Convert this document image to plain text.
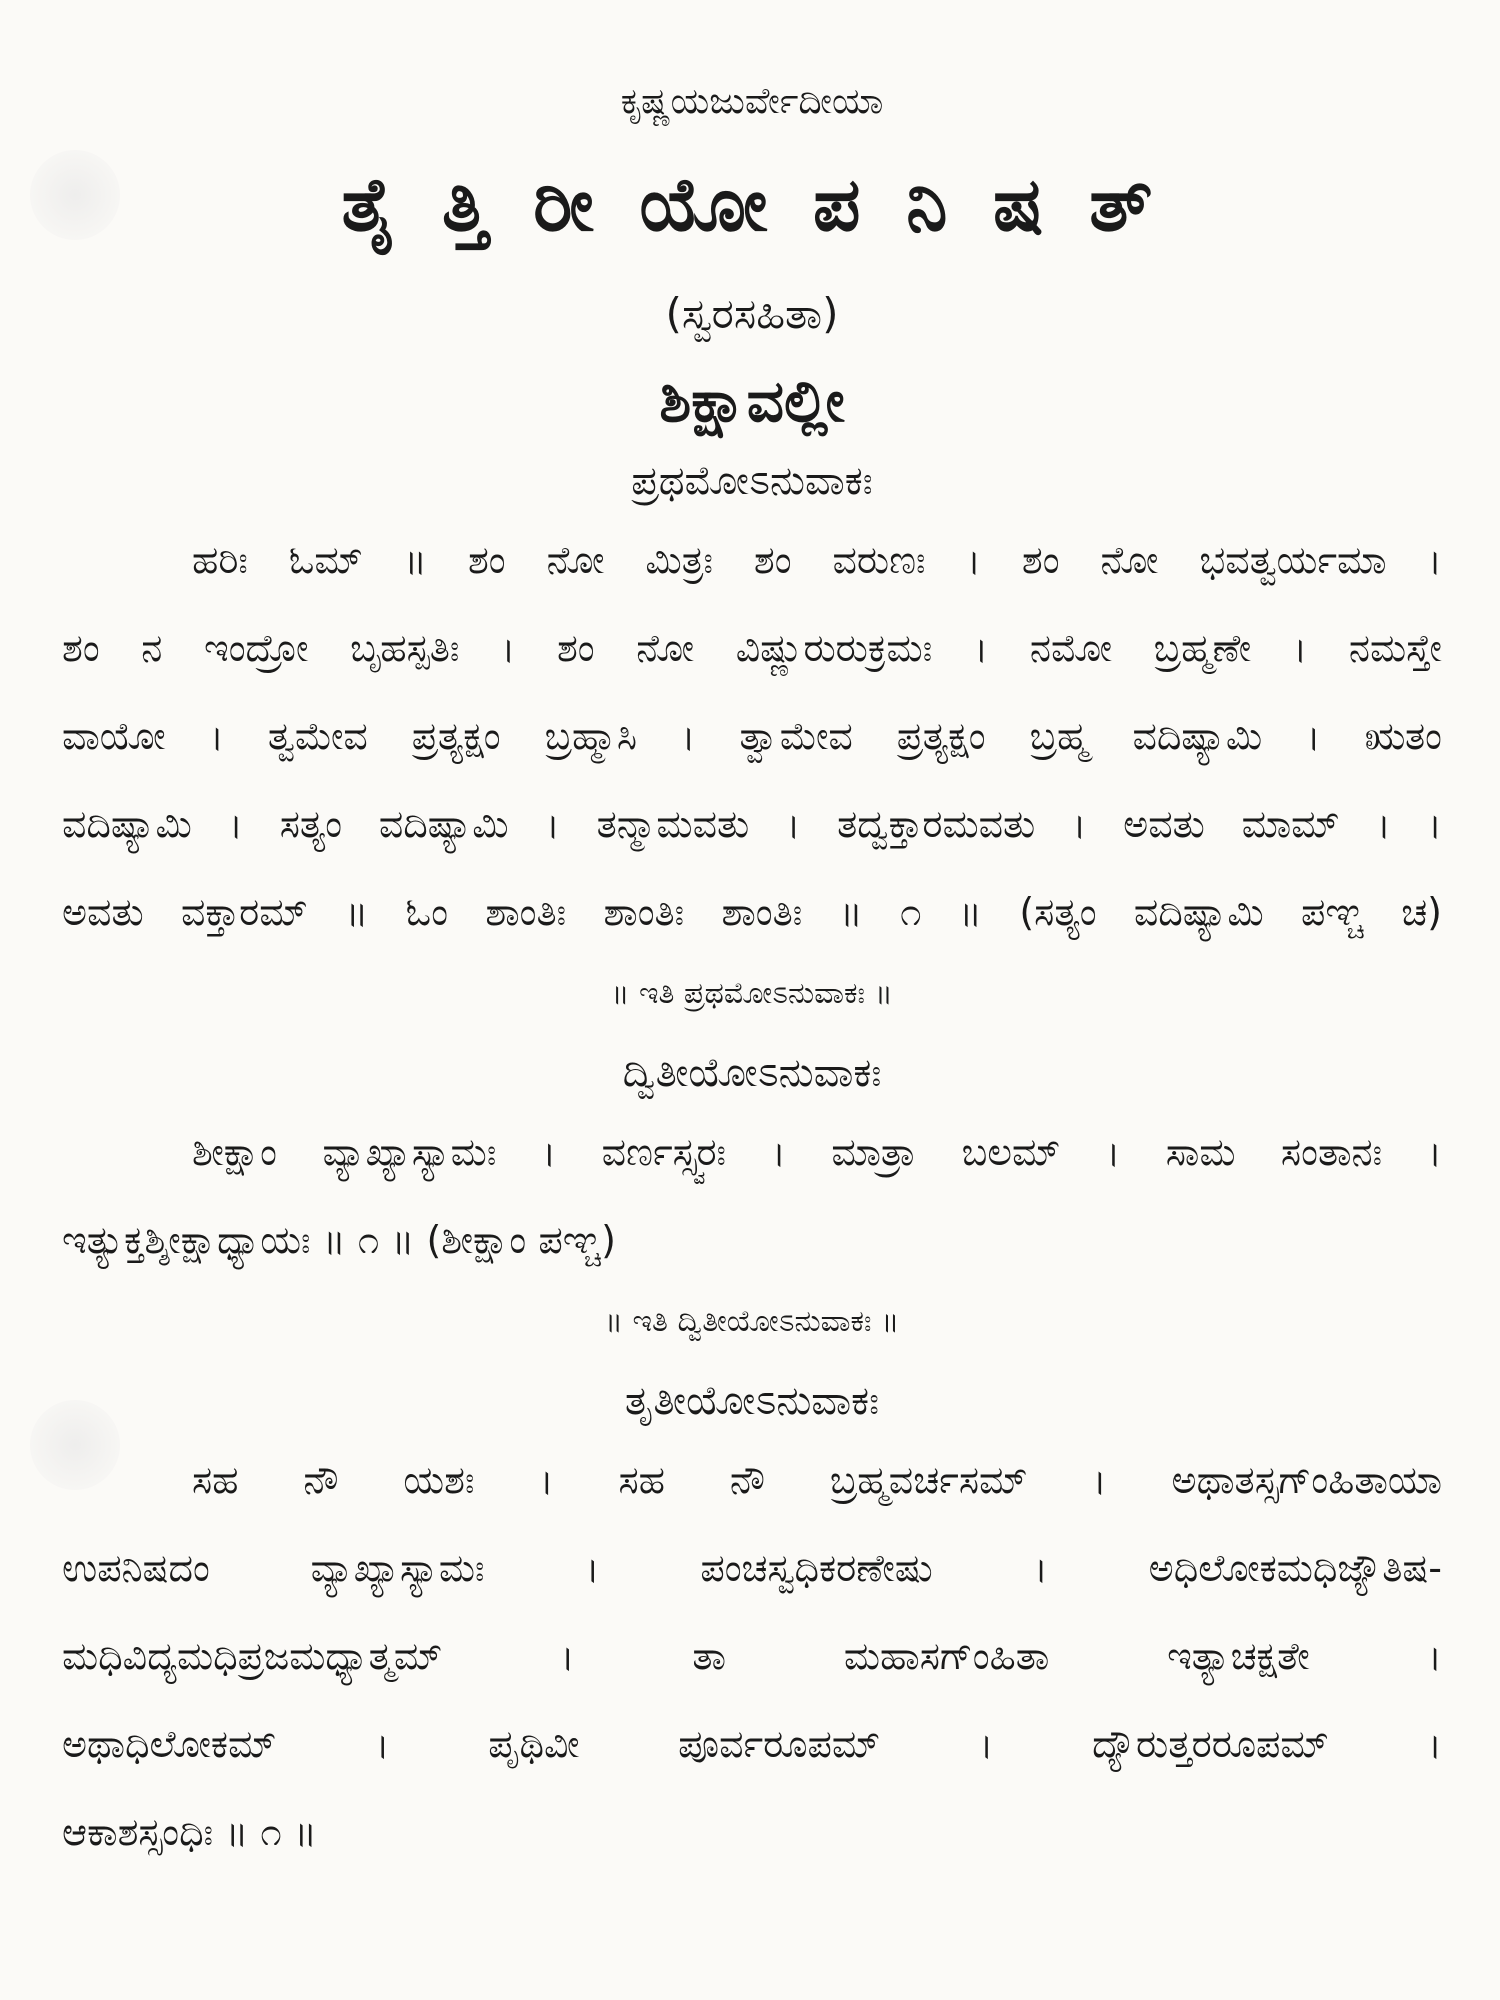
ಕೃಷ್ಣಯಜುರ್ವೇದೀಯಾ
ತೈ ತ್ತಿ ರೀ ಯೋ ಪ ನಿ ಷ ತ್
(ಸ್ವರಸಹಿತಾ)
ಶಿಕ್ಷಾವಲ್ಲೀ
ಪ್ರಥಮೋಽನುವಾಕಃ
ಹರಿಃ ಓಮ್ ॥ ಶಂ ನೋ ಮಿತ್ರಃ ಶಂ ವರುಣಃ । ಶಂ ನೋ ಭವತ್ವರ್ಯಮಾ ।
ಶಂ ನ ಇಂದ್ರೋ ಬೃಹಸ್ಪತಿಃ । ಶಂ ನೋ ವಿಷ್ಣುರುರುಕ್ರಮಃ । ನಮೋ ಬ್ರಹ್ಮಣೇ । ನಮಸ್ತೇ
ವಾಯೋ । ತ್ವಮೇವ ಪ್ರತ್ಯಕ್ಷಂ ಬ್ರಹ್ಮಾಸಿ । ತ್ವಾಮೇವ ಪ್ರತ್ಯಕ್ಷಂ ಬ್ರಹ್ಮ ವದಿಷ್ಯಾಮಿ । ಋತಂ
ವದಿಷ್ಯಾಮಿ । ಸತ್ಯಂ ವದಿಷ್ಯಾಮಿ । ತನ್ಮಾಮವತು । ತದ್ವಕ್ತಾರಮವತು । ಅವತು ಮಾಮ್ । ।
ಅವತು ವಕ್ತಾರಮ್ ॥ ಓಂ ಶಾಂತಿಃ ಶಾಂತಿಃ ಶಾಂತಿಃ ॥ ೧ ॥ (ಸತ್ಯಂ ವದಿಷ್ಯಾಮಿ ಪಞ್ಚ ಚ)
॥ ಇತಿ ಪ್ರಥಮೋಽನುವಾಕಃ ॥
ದ್ವಿತೀಯೋಽನುವಾಕಃ
ಶೀಕ್ಷಾಂ ವ್ಯಾಖ್ಯಾಸ್ಯಾಮಃ । ವರ್ಣಸ್ಸ್ವರಃ । ಮಾತ್ರಾ ಬಲಮ್ । ಸಾಮ ಸಂತಾನಃ ।
ಇತ್ಯುಕ್ತಶ್ಶೀಕ್ಷಾಧ್ಯಾಯಃ ॥ ೧ ॥ (ಶೀಕ್ಷಾಂ ಪಞ್ಚ)
॥ ಇತಿ ದ್ವಿತೀಯೋಽನುವಾಕಃ ॥
ತೃತೀಯೋಽನುವಾಕಃ
ಸಹ ನೌ ಯಶಃ । ಸಹ ನೌ ಬ್ರಹ್ಮವರ್ಚಸಮ್ । ಅಥಾತಸ್ಸಗ್ಂಹಿತಾಯಾ
ಉಪನಿಷದಂ ವ್ಯಾಖ್ಯಾಸ್ಯಾಮಃ । ಪಂಚಸ್ವಧಿಕರಣೇಷು । ಅಧಿಲೋಕಮಧಿಜ್ಯೌತಿಷ-
ಮಧಿವಿದ್ಯಮಧಿಪ್ರಜಮಧ್ಯಾತ್ಮಮ್ । ತಾ ಮಹಾಸಗ್ಂಹಿತಾ ಇತ್ಯಾಚಕ್ಷತೇ ।
ಅಥಾಧಿಲೋಕಮ್ । ಪೃಥಿವೀ ಪೂರ್ವರೂಪಮ್ । ದ್ಯೌರುತ್ತರರೂಪಮ್ ।
ಆಕಾಶಸ್ಸಂಧಿಃ ॥ ೧ ॥
